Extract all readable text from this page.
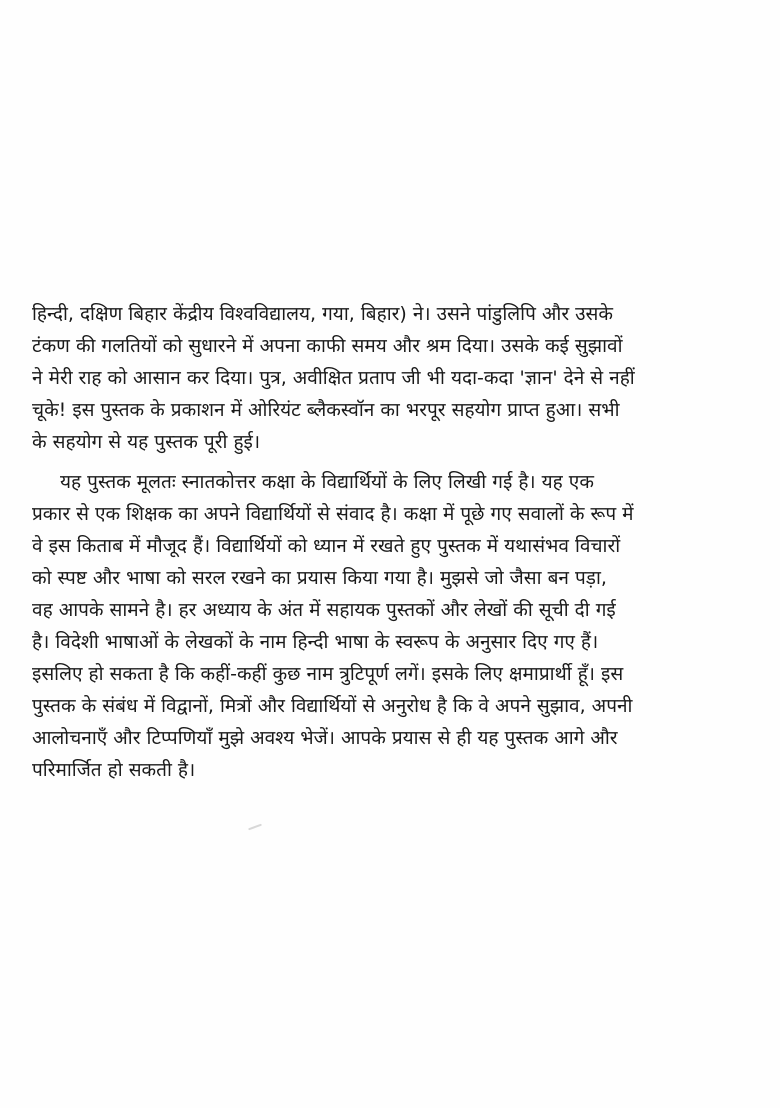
हिन्दी, दक्षिण बिहार केंद्रीय विश्वविद्यालय, गया, बिहार) ने। उसने पांडुलिपि और उसके
टंकण की गलतियों को सुधारने में अपना काफी समय और श्रम दिया। उसके कई सुझावों
ने मेरी राह को आसान कर दिया। पुत्र, अवीक्षित प्रताप जी भी यदा-कदा 'ज्ञान' देने से नहीं
चूके! इस पुस्तक के प्रकाशन में ओरियंट ब्लैकस्वॉन का भरपूर सहयोग प्राप्त हुआ। सभी
के सहयोग से यह पुस्तक पूरी हुई।
यह पुस्तक मूलतः स्नातकोत्तर कक्षा के विद्यार्थियों के लिए लिखी गई है। यह एक
प्रकार से एक शिक्षक का अपने विद्यार्थियों से संवाद है। कक्षा में पूछे गए सवालों के रूप में
वे इस किताब में मौजूद हैं। विद्यार्थियों को ध्यान में रखते हुए पुस्तक में यथासंभव विचारों
को स्पष्ट और भाषा को सरल रखने का प्रयास किया गया है। मुझसे जो जैसा बन पड़ा,
वह आपके सामने है। हर अध्याय के अंत में सहायक पुस्तकों और लेखों की सूची दी गई
है। विदेशी भाषाओं के लेखकों के नाम हिन्दी भाषा के स्वरूप के अनुसार दिए गए हैं।
इसलिए हो सकता है कि कहीं-कहीं कुछ नाम त्रुटिपूर्ण लगें। इसके लिए क्षमाप्रार्थी हूँ। इस
पुस्तक के संबंध में विद्वानों, मित्रों और विद्यार्थियों से अनुरोध है कि वे अपने सुझाव, अपनी
आलोचनाएँ और टिप्पणियाँ मुझे अवश्य भेजें। आपके प्रयास से ही यह पुस्तक आगे और
परिमार्जित हो सकती है।
